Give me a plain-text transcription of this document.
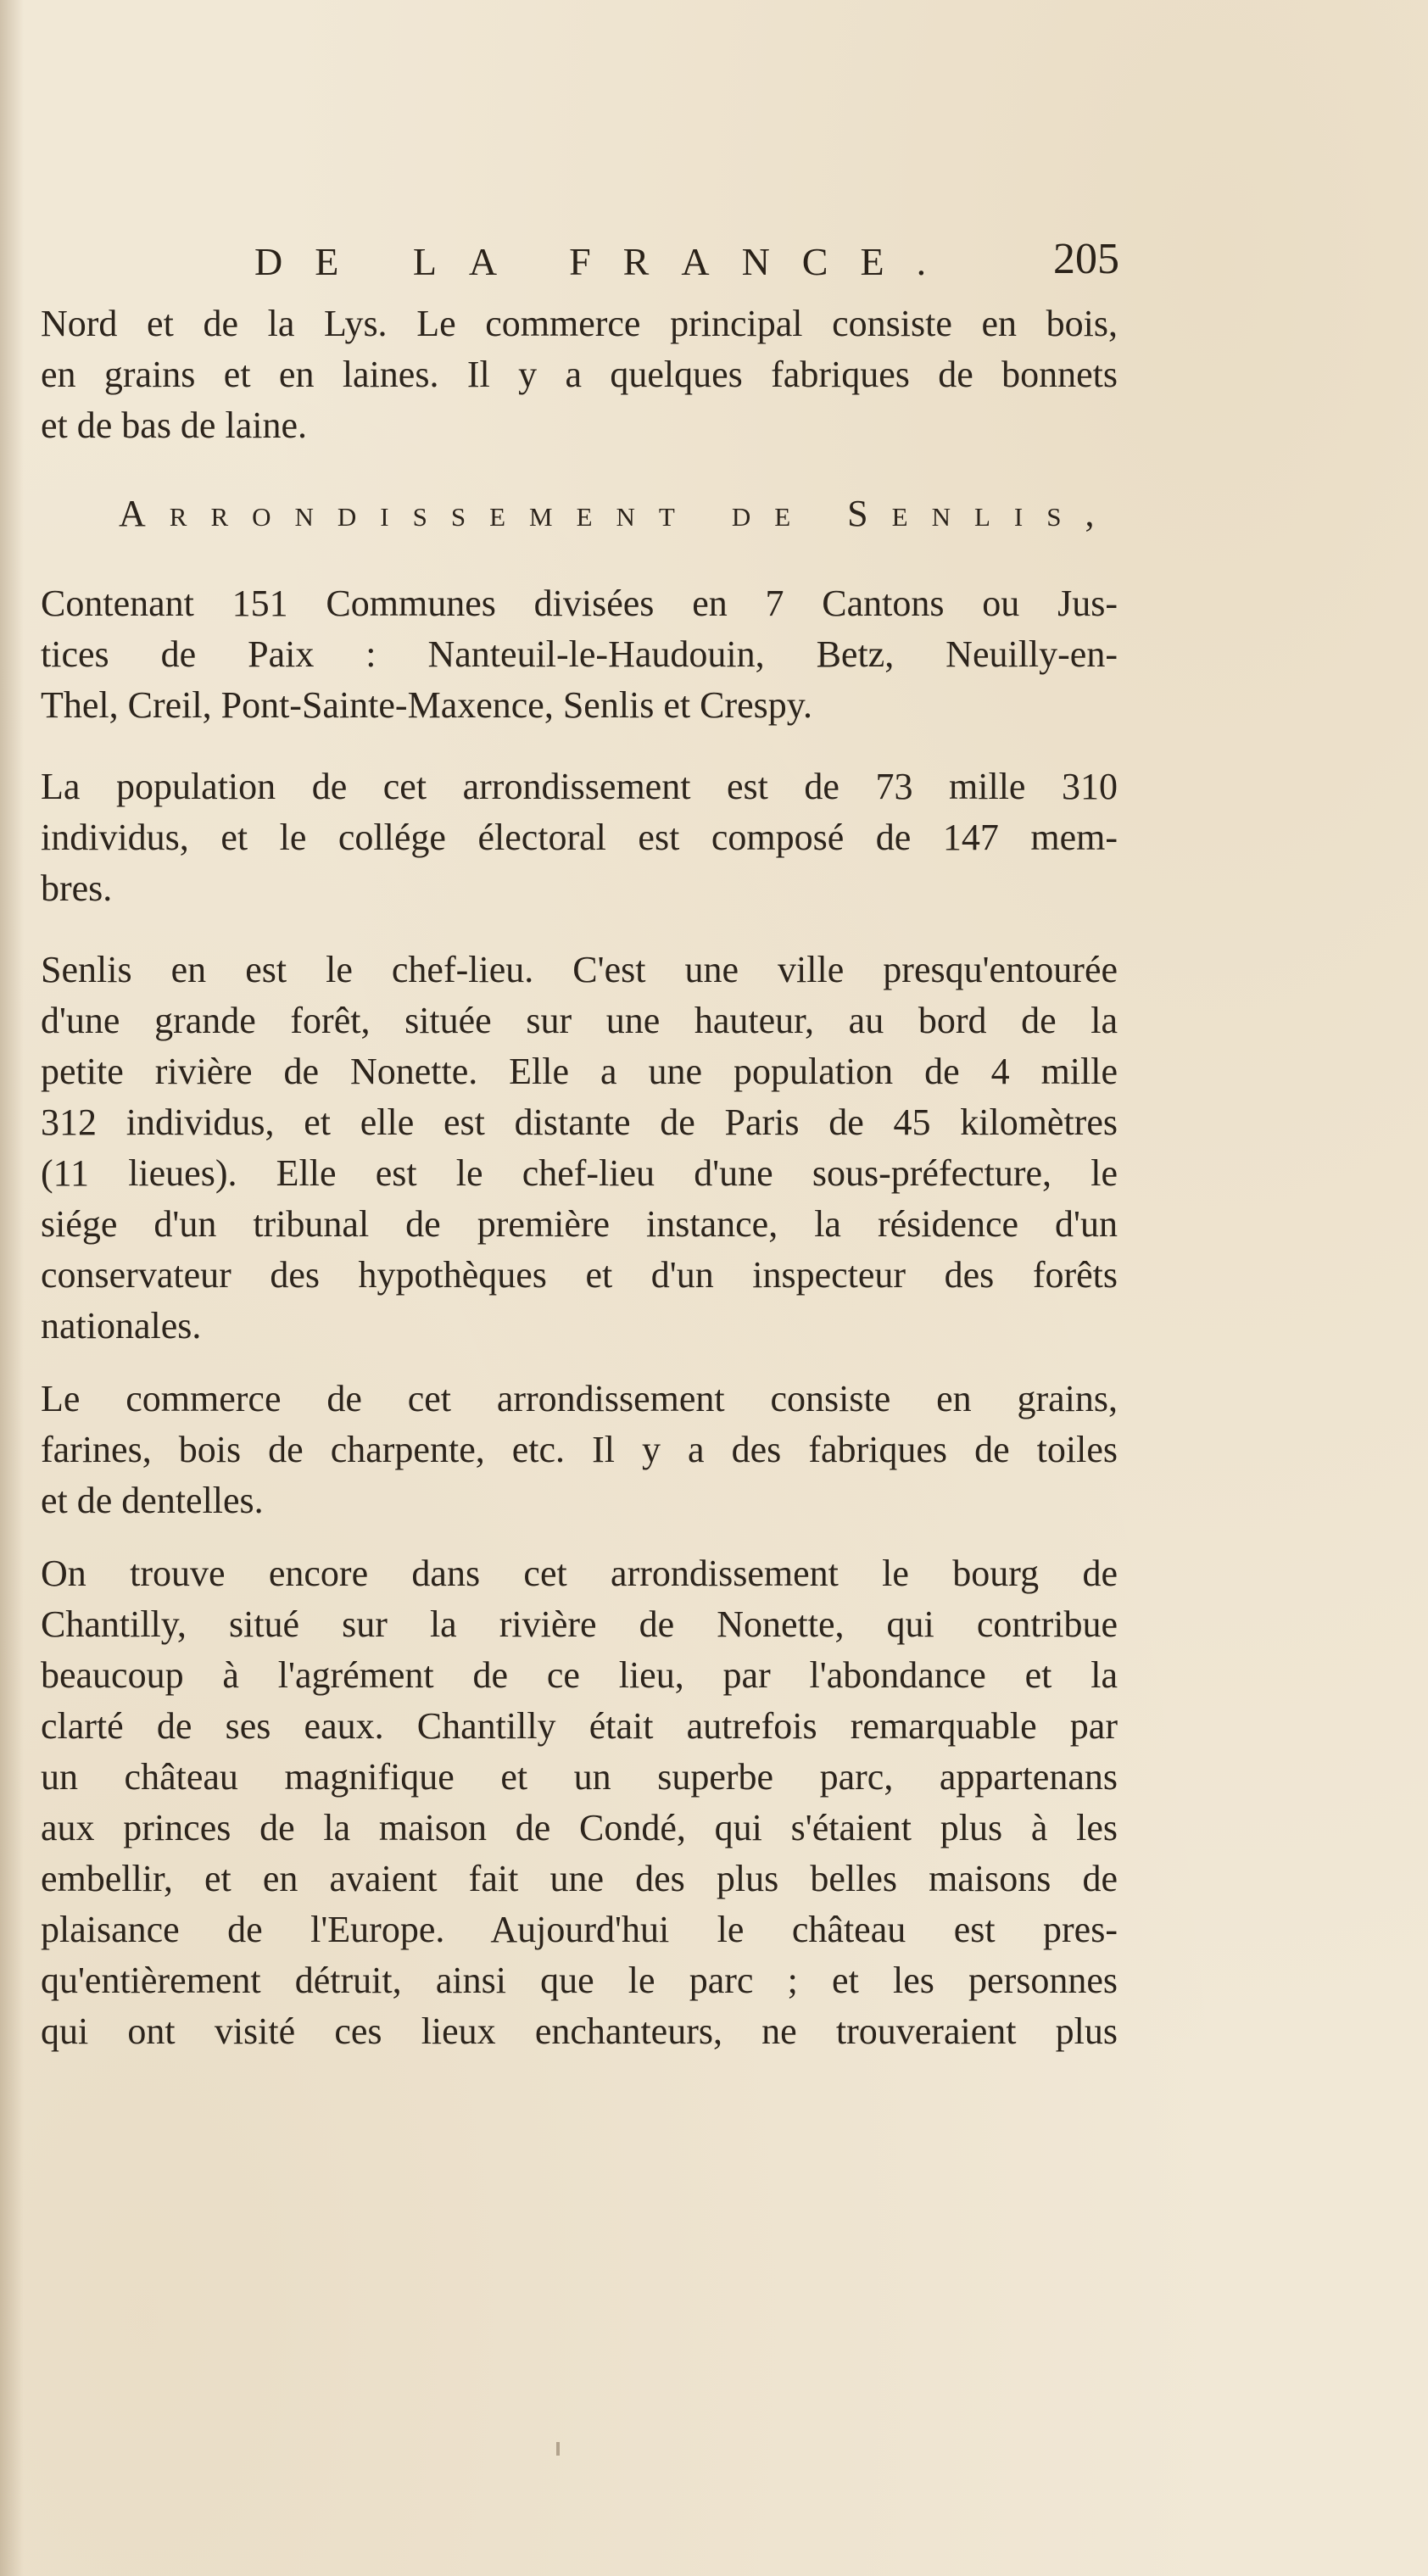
DE LA FRANCE. 205
Nord et de la Lys. Le commerce principal consiste en bois,
en grains et en laines. Il y a quelques fabriques de bonnets
et de bas de laine.
Arrondissement de Senlis,
Contenant 151 Communes divisées en 7 Cantons ou Jus-
tices de Paix : Nanteuil-le-Haudouin, Betz, Neuilly-en-
Thel, Creil, Pont-Sainte-Maxence, Senlis et Crespy.
La population de cet arrondissement est de 73 mille 310
individus, et le collége électoral est composé de 147 mem-
bres.
Senlis en est le chef-lieu. C'est une ville presqu'entourée
d'une grande forêt, située sur une hauteur, au bord de la
petite rivière de Nonette. Elle a une population de 4 mille
312 individus, et elle est distante de Paris de 45 kilomètres
(11 lieues). Elle est le chef-lieu d'une sous-préfecture, le
siége d'un tribunal de première instance, la résidence d'un
conservateur des hypothèques et d'un inspecteur des forêts
nationales.
Le commerce de cet arrondissement consiste en grains,
farines, bois de charpente, etc. Il y a des fabriques de toiles
et de dentelles.
On trouve encore dans cet arrondissement le bourg de
Chantilly, situé sur la rivière de Nonette, qui contribue
beaucoup à l'agrément de ce lieu, par l'abondance et la
clarté de ses eaux. Chantilly était autrefois remarquable par
un château magnifique et un superbe parc, appartenans
aux princes de la maison de Condé, qui s'étaient plus à les
embellir, et en avaient fait une des plus belles maisons de
plaisance de l'Europe. Aujourd'hui le château est pres-
qu'entièrement détruit, ainsi que le parc ; et les personnes
qui ont visité ces lieux enchanteurs, ne trouveraient plus
